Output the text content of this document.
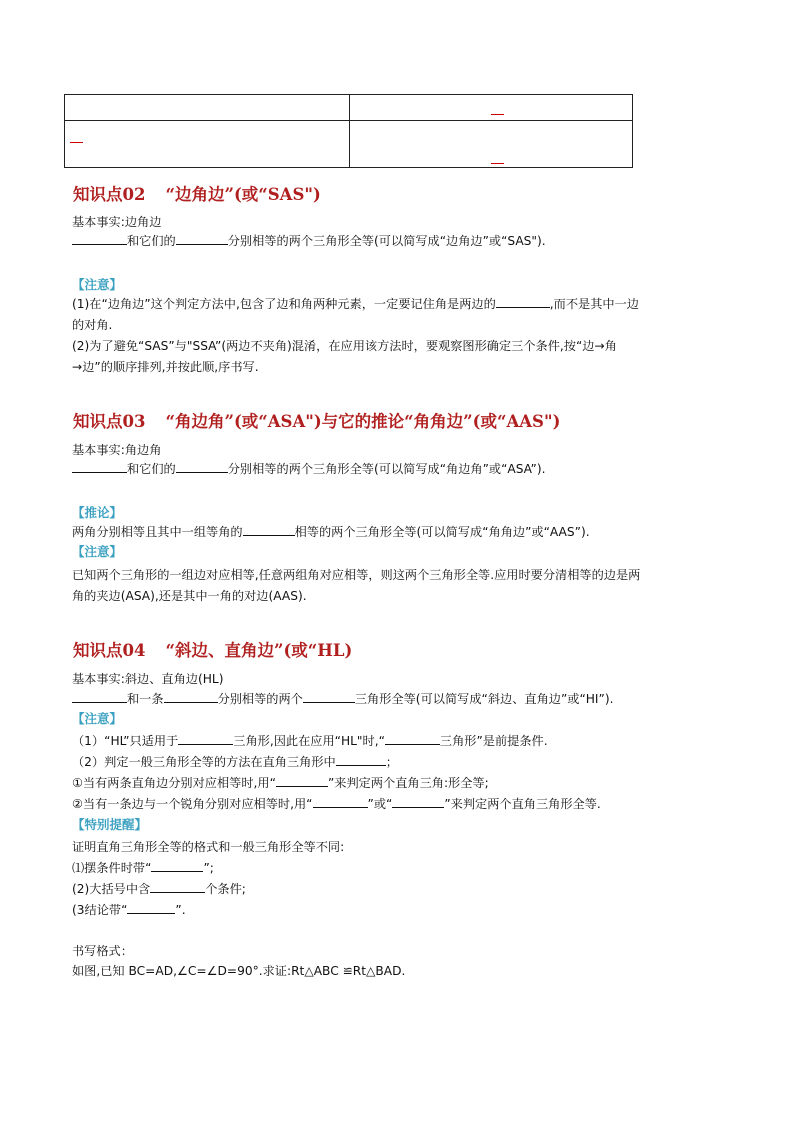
知识点02 “边角边”(或“SAS")
基本事实:边角边
和它们的	分别相等的两个三角形全等(可以简写成“边角边”或“SAS").
【注意】
(1)在“边角边”这个判定方法中,包含了边和角两种元素，一定要记住角是两边的	,而不是其中一边
的对角.
(2)为了避免“SAS”与"SSA”(两边不夹角)混淆，在应用该方法时，要观察图形确定三个条件,按“边→角
→边”的顺序排列,并按此顺,序书写.
知识点03 “角边角”(或“ASA")与它的推论“角角边”(或“AAS")
基本事实:角边角
和它们的	分别相等的两个三角形全等(可以简写成“角边角”或“ASA”).
【推论】
两角分别相等且其中一组等角的	相等的两个三角形全等(可以简写成“角角边”或“AAS”).
【注意】
已知两个三角形的一组边对应相等,任意两组角对应相等，则这两个三角形全等.应用时要分清相等的边是两
角的夹边(ASA),还是其中一角的对边(AAS).
知识点04 “斜边、直角边”(或“HL)
基本事实:斜边、直角边(HL)
和一条	分别相等的两个	三角形全等(可以简写成“斜边、直角边”或“HI”).
【注意】
（1）“HL”只适用于	三角形,因此在应用“HL"时,“	三角形”是前提条件.
（2）判定一般三角形全等的方法在直角三角形中	；
①当有两条直角边分别对应相等时,用“	”来判定两个直角三角:形全等;
②当有一条边与一个锐角分别对应相等时,用“	”或“	”来判定两个直角三角形全等.
【特别提醒】
证明直角三角形全等的格式和一般三角形全等不同:
⑴摆条件时带“	”;
(2)大括号中含	个条件;
(3结论带“	”.
书写格式：
如图,已知 BC=AD,∠C=∠D=90°.求证:Rt△ABC ≌Rt△BAD.
